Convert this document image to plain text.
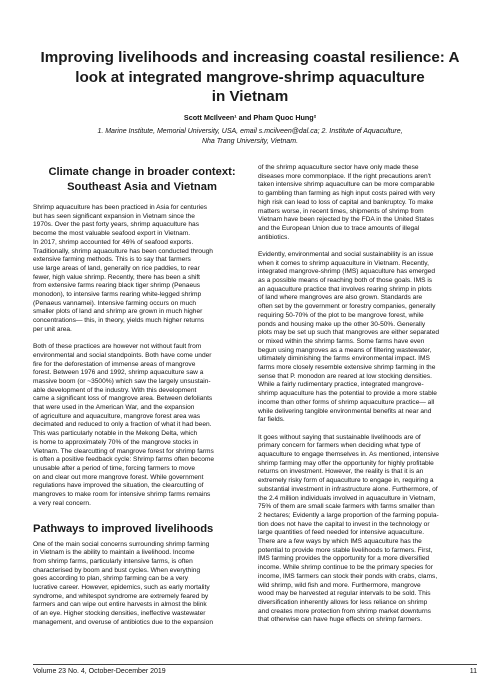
Improving livelihoods and increasing coastal resilience: A
look at integrated mangrove-shrimp aquaculture
in Vietnam
Scott McIlveen¹ and Pham Quoc Hung²
1. Marine Institute, Memorial University, USA, email s.mcilveen@dal.ca; 2. Institute of Aquaculture,
Nha Trang University, Vietnam.
Climate change in broader context:
Southeast Asia and Vietnam
Shrimp aquaculture has been practiced in Asia for centuries
but has seen significant expansion in Vietnam since the
1970s. Over the past forty years, shrimp aquaculture has
become the most valuable seafood export in Vietnam.
In 2017, shrimp accounted for 46% of seafood exports.
Traditionally, shrimp aquaculture has been conducted through
extensive farming methods. This is to say that farmers
use large areas of land, generally on rice paddies, to rear
fewer, high value shrimp. Recently, there has been a shift
from extensive farms rearing black tiger shrimp (Penaeus
monodon), to intensive farms rearing white-legged shrimp
(Penaeus vannamei). Intensive farming occurs on much
smaller plots of land and shrimp are grown in much higher
concentrations— this, in theory, yields much higher returns
per unit area.
Both of these practices are however not without fault from
environmental and social standpoints. Both have come under
fire for the deforestation of immense areas of mangrove
forest. Between 1976 and 1992, shrimp aquaculture saw a
massive boom (or ~3500%) which saw the largely unsustain-
able development of the industry. With this development
came a significant loss of mangrove area. Between defoliants
that were used in the American War, and the expansion
of agriculture and aquaculture, mangrove forest area was
decimated and reduced to only a fraction of what it had been.
This was particularly notable in the Mekong Delta, which
is home to approximately 70% of the mangrove stocks in
Vietnam. The clearcutting of mangrove forest for shrimp farms
is often a positive feedback cycle: Shrimp farms often become
unusable after a period of time, forcing farmers to move
on and clear out more mangrove forest. While government
regulations have improved the situation, the clearcutting of
mangroves to make room for intensive shrimp farms remains
a very real concern.
Pathways to improved livelihoods
One of the main social concerns surrounding shrimp farming
in Vietnam is the ability to maintain a livelihood. Income
from shrimp farms, particularly intensive farms, is often
characterised by boom and bust cycles. When everything
goes according to plan, shrimp farming can be a very
lucrative career. However, epidemics, such as early mortality
syndrome, and whitespot syndrome are extremely feared by
farmers and can wipe out entire harvests in almost the blink
of an eye. Higher stocking densities, ineffective wastewater
management, and overuse of antibiotics due to the expansion
of the shrimp aquaculture sector have only made these
diseases more commonplace. If the right precautions aren't
taken intensive shrimp aquaculture can be more comparable
to gambling than farming as high input costs paired with very
high risk can lead to loss of capital and bankruptcy. To make
matters worse, in recent times, shipments of shrimp from
Vietnam have been rejected by the FDA in the United States
and the European Union due to trace amounts of illegal
antibiotics.
Evidently, environmental and social sustainability is an issue
when it comes to shrimp aquaculture in Vietnam. Recently,
integrated mangrove-shrimp (IMS) aquaculture has emerged
as a possible means of reaching both of those goals. IMS is
an aquaculture practice that involves rearing shrimp in plots
of land where mangroves are also grown. Standards are
often set by the government or forestry companies, generally
requiring 50-70% of the plot to be mangrove forest, while
ponds and housing make up the other 30-50%. Generally
plots may be set up such that mangroves are either separated
or mixed within the shrimp farms. Some farms have even
begun using mangroves as a means of filtering wastewater,
ultimately diminishing the farms environmental impact. IMS
farms more closely resemble extensive shrimp farming in the
sense that P. monodon are reared at low stocking densities.
While a fairly rudimentary practice, integrated mangrove-
shrimp aquaculture has the potential to provide a more stable
income than other forms of shrimp aquaculture practice— all
while delivering tangible environmental benefits at near and
far fields.
It goes without saying that sustainable livelihoods are of
primary concern for farmers when deciding what type of
aquaculture to engage themselves in. As mentioned, intensive
shrimp farming may offer the opportunity for highly profitable
returns on investment. However, the reality is that it is an
extremely risky form of aquaculture to engage in, requiring a
substantial investment in infrastructure alone. Furthermore, of
the 2.4 million individuals involved in aquaculture in Vietnam,
75% of them are small scale farmers with farms smaller than
2 hectares; Evidently a large proportion of the farming popula-
tion does not have the capital to invest in the technology or
large quantities of feed needed for intensive aquaculture.
There are a few ways by which IMS aquaculture has the
potential to provide more stable livelihoods to farmers. First,
IMS farming provides the opportunity for a more diversified
income. While shrimp continue to be the primary species for
income, IMS farmers can stock their ponds with crabs, clams,
wild shrimp, wild fish and more. Furthermore, mangrove
wood may be harvested at regular intervals to be sold. This
diversification inherently allows for less reliance on shrimp
and creates more protection from shrimp market downturns
that otherwise can have huge effects on shrimp farmers.
Volume 23 No. 4, October-December 2019	11
